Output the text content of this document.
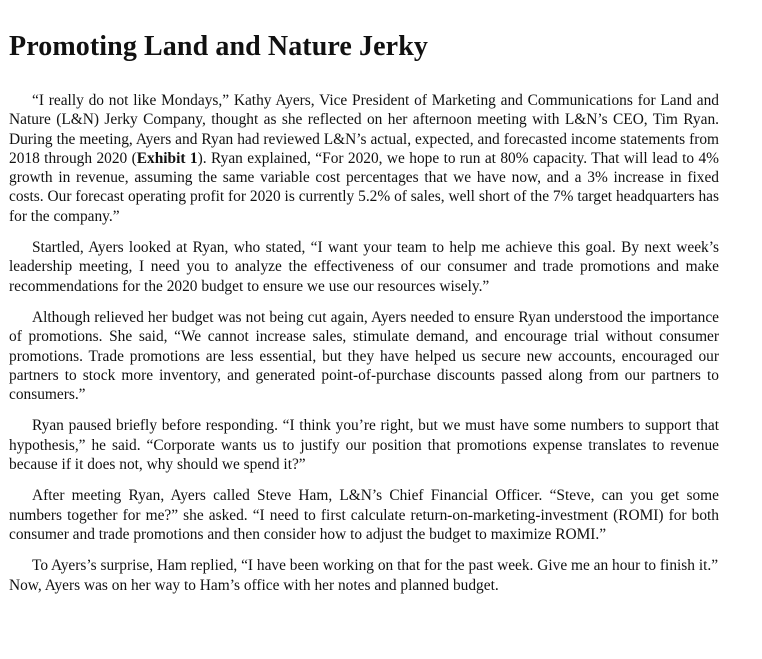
Promoting Land and Nature Jerky

“I really do not like Mondays,” Kathy Ayers, Vice President of Marketing and Communications for Land and Nature (L&N) Jerky Company, thought as she reflected on her afternoon meeting with L&N’s CEO, Tim Ryan. During the meeting, Ayers and Ryan had reviewed L&N’s actual, expected, and forecasted income statements from 2018 through 2020 (Exhibit 1). Ryan explained, “For 2020, we hope to run at 80% capacity. That will lead to 4% growth in revenue, assuming the same variable cost percentages that we have now, and a 3% increase in fixed costs. Our forecast operating profit for 2020 is currently 5.2% of sales, well short of the 7% target headquarters has for the company.”

Startled, Ayers looked at Ryan, who stated, “I want your team to help me achieve this goal. By next week’s leadership meeting, I need you to analyze the effectiveness of our consumer and trade promotions and make recommendations for the 2020 budget to ensure we use our resources wisely.”

Although relieved her budget was not being cut again, Ayers needed to ensure Ryan understood the importance of promotions. She said, “We cannot increase sales, stimulate demand, and encourage trial without consumer promotions. Trade promotions are less essential, but they have helped us secure new accounts, encouraged our partners to stock more inventory, and generated point-of-purchase discounts passed along from our partners to consumers.”

Ryan paused briefly before responding. “I think you’re right, but we must have some numbers to support that hypothesis,” he said. “Corporate wants us to justify our position that promotions expense translates to revenue because if it does not, why should we spend it?”

After meeting Ryan, Ayers called Steve Ham, L&N’s Chief Financial Officer. “Steve, can you get some numbers together for me?” she asked. “I need to first calculate return-on-marketing-investment (ROMI) for both consumer and trade promotions and then consider how to adjust the budget to maximize ROMI.”

To Ayers’s surprise, Ham replied, “I have been working on that for the past week. Give me an hour to finish it.” Now, Ayers was on her way to Ham’s office with her notes and planned budget.
